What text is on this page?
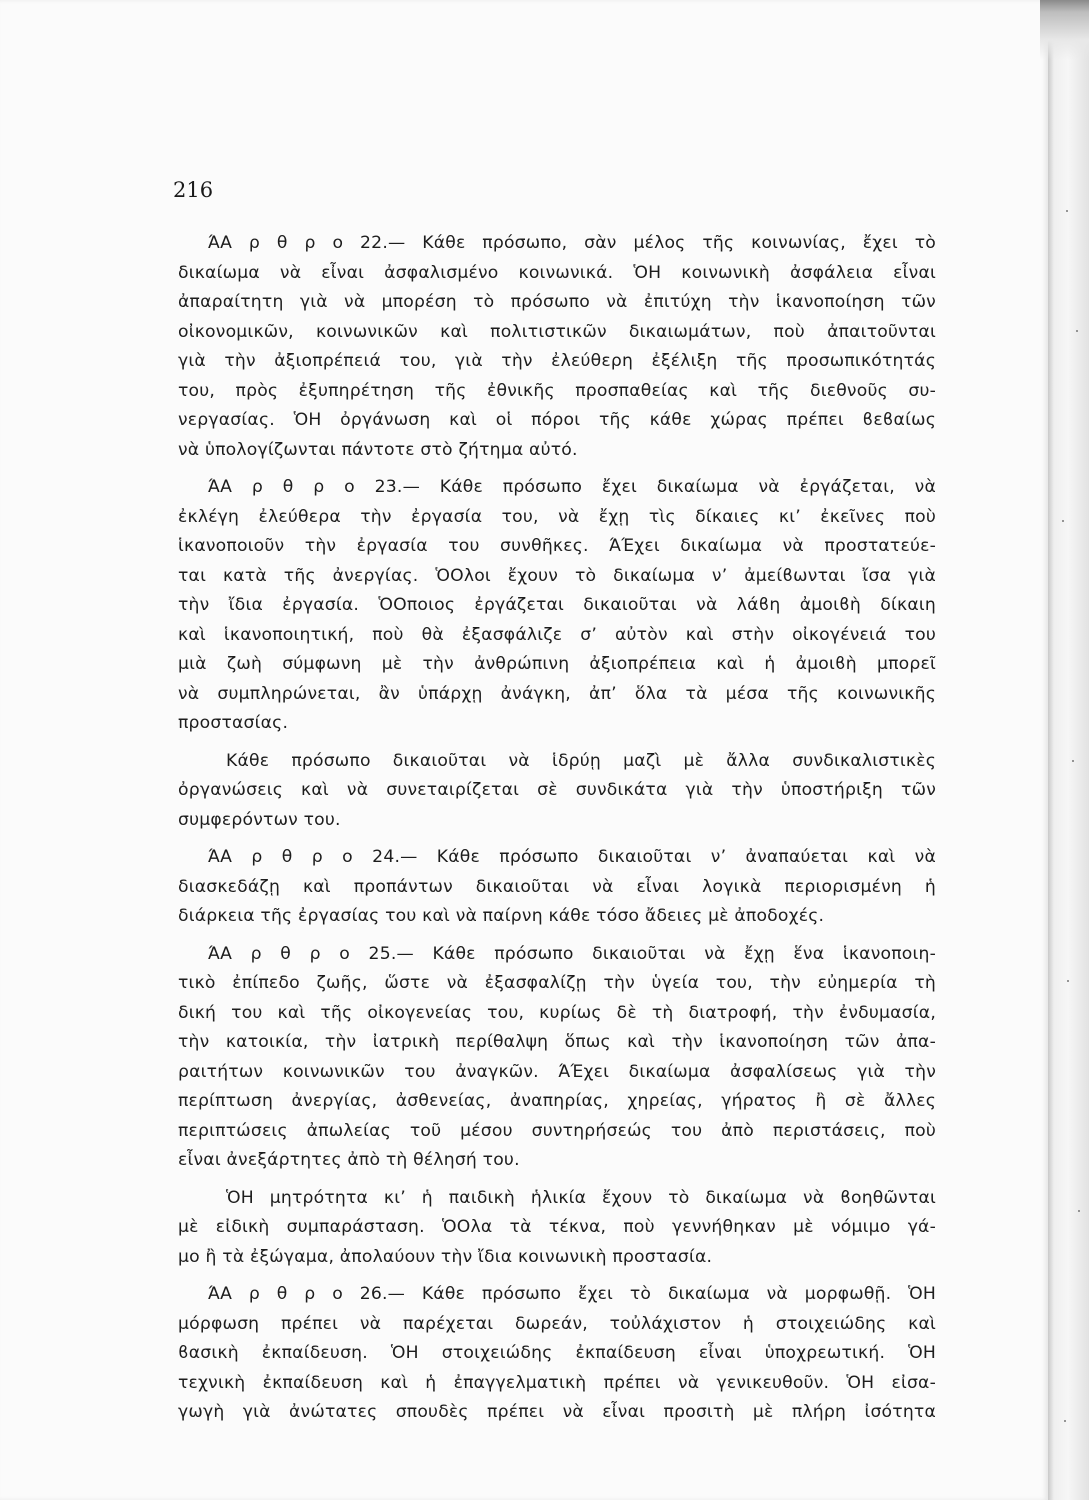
216

ΆΑ ρ θ ρ ο 22.— Κάθε πρόσωπο, σὰν μέλος τῆς κοινωνίας, ἔχει τὸ
δικαίωμα νὰ εἶναι ἀσφαλισμένο κοινωνικά. ὉΗ κοινωνικὴ ἀσφάλεια εἶναι
ἀπαραίτητη γιὰ νὰ μπορέση τὸ πρόσωπο νὰ ἐπιτύχη τὴν ἱκανοποίηση τῶν
οἰκονομικῶν, κοινωνικῶν καὶ πολιτιστικῶν δικαιωμάτων, ποὺ ἀπαιτοῦνται
γιὰ τὴν ἀξιοπρέπειά του, γιὰ τὴν ἐλεύθερη ἐξέλιξη τῆς προσωπικότητάς
του, πρὸς ἐξυπηρέτηση τῆς ἐθνικῆς προσπαθείας καὶ τῆς διεθνοῦς συ-
νεργασίας. ὉΗ ὀργάνωση καὶ οἱ πόροι τῆς κάθε χώρας πρέπει ϐεϐαίως
νὰ ὑπολογίζωνται πάντοτε στὸ ζήτημα αὐτό.
ΆΑ ρ θ ρ ο 23.— Κάθε πρόσωπο ἔχει δικαίωμα νὰ ἐργάζεται, νὰ
ἐκλέγη ἐλεύθερα τὴν ἐργασία του, νὰ ἔχῃ τὶς δίκαιες κι’ ἐκεῖνες ποὺ
ἱκανοποιοῦν τὴν ἐργασία του συνθῆκες. ΆΈχει δικαίωμα νὰ προστατεύε-
ται κατὰ τῆς ἀνεργίας. ὉΟλοι ἔχουν τὸ δικαίωμα ν’ ἀμείϐωνται ἴσα γιὰ
τὴν ἴδια ἐργασία. ὉΟποιος ἐργάζεται δικαιοῦται νὰ λάϐη ἀμοιϐὴ δίκαιη
καὶ ἱκανοποιητική, ποὺ θὰ ἐξασφάλιζε σ’ αὐτὸν καὶ στὴν οἰκογένειά του
μιὰ ζωὴ σύμφωνη μὲ τὴν ἀνθρώπινη ἀξιοπρέπεια καὶ ἡ ἀμοιϐὴ μπορεῖ
νὰ συμπληρώνεται, ἂν ὑπάρχῃ ἀνάγκη, ἀπ’ ὅλα τὰ μέσα τῆς κοινωνικῆς
προστασίας.
Κάθε πρόσωπο δικαιοῦται νὰ ἱδρύῃ μαζὶ μὲ ἄλλα συνδικαλιστικὲς
ὀργανώσεις καὶ νὰ συνεταιρίζεται σὲ συνδικάτα γιὰ τὴν ὑποστήριξη τῶν
συμφερόντων του.
ΆΑ ρ θ ρ ο 24.— Κάθε πρόσωπο δικαιοῦται ν’ ἀναπαύεται καὶ νὰ
διασκεδάζῃ καὶ προπάντων δικαιοῦται νὰ εἶναι λογικὰ περιορισμένη ἡ
διάρκεια τῆς ἐργασίας του καὶ νὰ παίρνη κάθε τόσο ἄδειες μὲ ἀποδοχές.
ΆΑ ρ θ ρ ο 25.— Κάθε πρόσωπο δικαιοῦται νὰ ἔχῃ ἕνα ἱκανοποιη-
τικὸ ἐπίπεδο ζωῆς, ὥστε νὰ ἐξασφαλίζῃ τὴν ὑγεία του, τὴν εὐημερία τὴ
δική του καὶ τῆς οἰκογενείας του, κυρίως δὲ τὴ διατροφή, τὴν ἐνδυμασία,
τὴν κατοικία, τὴν ἰατρικὴ περίθαλψη ὅπως καὶ τὴν ἱκανοποίηση τῶν ἀπα-
ραιτήτων κοινωνικῶν του ἀναγκῶν. ΆΈχει δικαίωμα ἀσφαλίσεως γιὰ τὴν
περίπτωση ἀνεργίας, ἀσθενείας, ἀναπηρίας, χηρείας, γήρατος ἢ σὲ ἄλλες
περιπτώσεις ἀπωλείας τοῦ μέσου συντηρήσεώς του ἀπὸ περιστάσεις, ποὺ
εἶναι ἀνεξάρτητες ἀπὸ τὴ θέλησή του.
ὉΗ μητρότητα κι’ ἡ παιδικὴ ἡλικία ἔχουν τὸ δικαίωμα νὰ ϐοηθῶνται
μὲ εἰδικὴ συμπαράσταση. ὉΟλα τὰ τέκνα, ποὺ γεννήθηκαν μὲ νόμιμο γά-
μο ἢ τὰ ἐξώγαμα, ἀπολαύουν τὴν ἴδια κοινωνικὴ προστασία.
ΆΑ ρ θ ρ ο 26.— Κάθε πρόσωπο ἔχει τὸ δικαίωμα νὰ μορφωθῇ. ὉΗ
μόρφωση πρέπει νὰ παρέχεται δωρεάν, τοὐλάχιστον ἡ στοιχειώδης καὶ
ϐασικὴ ἐκπαίδευση. ὉΗ στοιχειώδης ἐκπαίδευση εἶναι ὑποχρεωτική. ὉΗ
τεχνικὴ ἐκπαίδευση καὶ ἡ ἐπαγγελματικὴ πρέπει νὰ γενικευθοῦν. ὉΗ εἰσα-
γωγὴ γιὰ ἀνώτατες σπουδὲς πρέπει νὰ εἶναι προσιτὴ μὲ πλήρη ἰσότητα
